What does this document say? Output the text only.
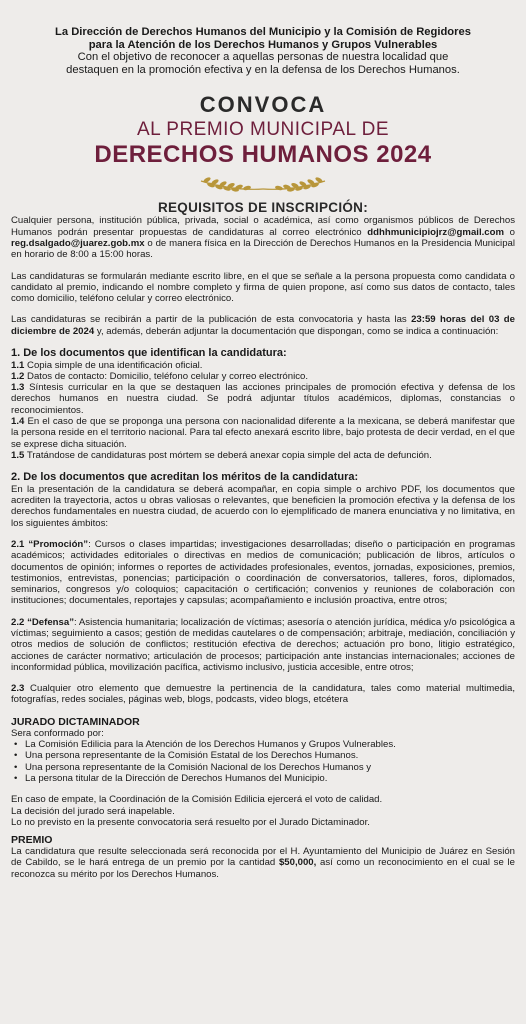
La Dirección de Derechos Humanos del Municipio y la Comisión de Regidores
para la Atención de los Derechos Humanos y Grupos Vulnerables
Con el objetivo de reconocer a aquellas personas de nuestra localidad que
destaquen en la promoción efectiva y en la defensa de los Derechos Humanos.
CONVOCA
AL PREMIO MUNICIPAL DE
DERECHOS HUMANOS 2024
REQUISITOS DE INSCRIPCIÓN:
Cualquier persona, institución pública, privada, social o académica, así como organismos públicos de Derechos Humanos podrán presentar propuestas de candidaturas al correo electrónico ddhhmunicipiojrz@gmail.com o reg.dsalgado@juarez.gob.mx o de manera física en la Dirección de Derechos Humanos en la Presidencia Municipal en horario de 8:00 a 15:00 horas.
Las candidaturas se formularán mediante escrito libre, en el que se señale a la persona propuesta como candidata o candidato al premio, indicando el nombre completo y firma de quien propone, así como sus datos de contacto, tales como domicilio, teléfono celular y correo electrónico.
Las candidaturas se recibirán a partir de la publicación de esta convocatoria y hasta las 23:59 horas del 03 de diciembre de 2024 y, además, deberán adjuntar la documentación que dispongan, como se indica a continuación:
1. De los documentos que identifican la candidatura:
1.1 Copia simple de una identificación oficial.
1.2 Datos de contacto: Domicilio, teléfono celular y correo electrónico.
1.3 Síntesis curricular en la que se destaquen las acciones principales de promoción efectiva y defensa de los derechos humanos en nuestra ciudad. Se podrá adjuntar títulos académicos, diplomas, constancias o reconocimientos.
1.4 En el caso de que se proponga una persona con nacionalidad diferente a la mexicana, se deberá manifestar que la persona reside en el territorio nacional. Para tal efecto anexará escrito libre, bajo protesta de decir verdad, en el que se exprese dicha situación.
1.5 Tratándose de candidaturas post mórtem se deberá anexar copia simple del acta de defunción.
2. De los documentos que acreditan los méritos de la candidatura:
En la presentación de la candidatura se deberá acompañar, en copia simple o archivo PDF, los documentos que acrediten la trayectoria, actos u obras valiosas o relevantes, que beneficien la promoción efectiva y la defensa de los derechos fundamentales en nuestra ciudad, de acuerdo con lo ejemplificado de manera enunciativa y no limitativa, en los siguientes ámbitos:
2.1 “Promoción”: Cursos o clases impartidas; investigaciones desarrolladas; diseño o participación en programas académicos; actividades editoriales o directivas en medios de comunicación; publicación de libros, artículos o documentos de opinión; informes o reportes de actividades profesionales, eventos, jornadas, exposiciones, premios, testimonios, entrevistas, ponencias; participación o coordinación de conversatorios, talleres, foros, diplomados, seminarios, congresos y/o coloquios; capacitación o certificación; convenios y reuniones de colaboración con instituciones; documentales, reportajes y capsulas; acompañamiento e inclusión proactiva, entre otros;
2.2 “Defensa”: Asistencia humanitaria; localización de víctimas; asesoría o atención jurídica, médica y/o psicológica a víctimas; seguimiento a casos; gestión de medidas cautelares o de compensación; arbitraje, mediación, conciliación y otros medios de solución de conflictos; restitución efectiva de derechos; actuación pro bono, litigio estratégico, acciones de carácter normativo; articulación de procesos; participación ante instancias internacionales; acciones de inconformidad pública, movilización pacífica, activismo inclusivo, justicia accesible, entre otros;
2.3 Cualquier otro elemento que demuestre la pertinencia de la candidatura, tales como material multimedia, fotografías, redes sociales, páginas web, blogs, podcasts, video blogs, etcétera
JURADO DICTAMINADOR
Sera conformado por:
• La Comisión Edilicia para la Atención de los Derechos Humanos y Grupos Vulnerables.
• Una persona representante de la Comisión Estatal de los Derechos Humanos.
• Una persona representante de la Comisión Nacional de los Derechos Humanos y
• La persona titular de la Dirección de Derechos Humanos del Municipio.
En caso de empate, la Coordinación de la Comisión Edilicia ejercerá el voto de calidad.
La decisión del jurado será inapelable.
Lo no previsto en la presente convocatoria será resuelto por el Jurado Dictaminador.
PREMIO
La candidatura que resulte seleccionada será reconocida por el H. Ayuntamiento del Municipio de Juárez en Sesión de Cabildo, se le hará entrega de un premio por la cantidad $50,000, así como un reconocimiento en el cual se le reconozca su mérito por los Derechos Humanos.
